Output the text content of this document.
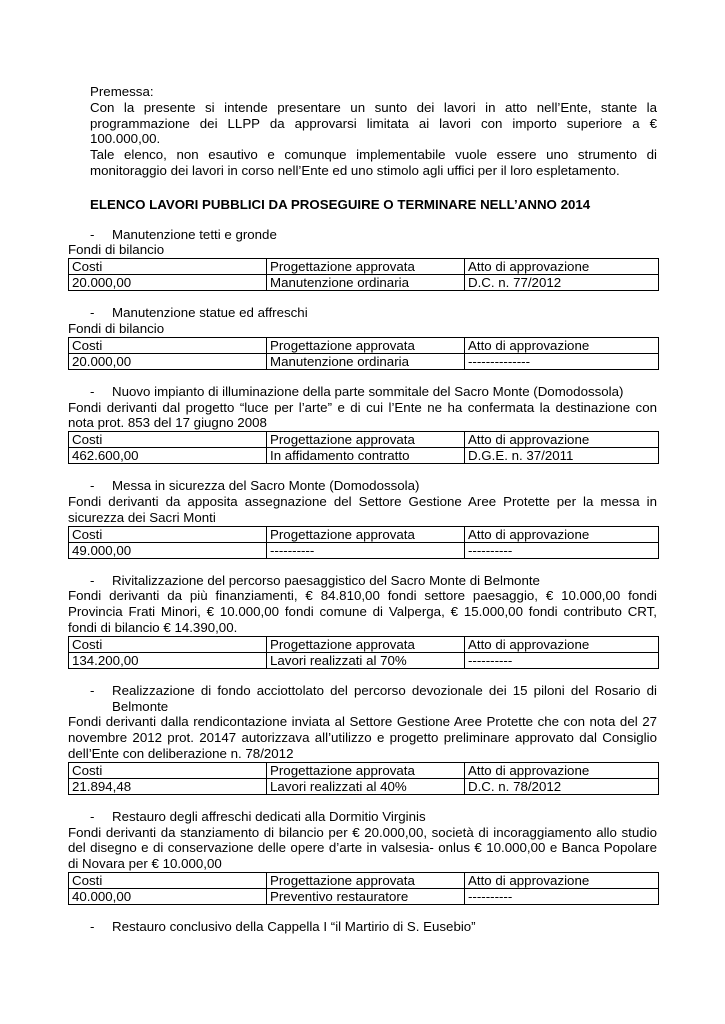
Premessa:
Con la presente si intende presentare un sunto dei lavori in atto nell’Ente, stante la
programmazione dei LLPP da approvarsi limitata ai lavori con importo superiore a €
100.000,00.
Tale elenco, non esautivo e comunque implementabile vuole essere uno strumento di
monitoraggio dei lavori in corso nell’Ente ed uno stimolo agli uffici per il loro espletamento.
ELENCO LAVORI PUBBLICI DA PROSEGUIRE O TERMINARE NELL’ANNO 2014
-	Manutenzione tetti e gronde
Fondi di bilancio
Costi	Progettazione approvata	Atto di approvazione
20.000,00	Manutenzione ordinaria	D.C. n. 77/2012
-	Manutenzione statue ed affreschi
Fondi di bilancio
Costi	Progettazione approvata	Atto di approvazione
20.000,00	Manutenzione ordinaria	--------------
-	Nuovo impianto di illuminazione della parte sommitale del Sacro Monte (Domodossola)
Fondi derivanti dal progetto “luce per l’arte” e di cui l’Ente ne ha confermata la destinazione con
nota prot. 853 del 17 giugno 2008
Costi	Progettazione approvata	Atto di approvazione
462.600,00	In affidamento contratto	D.G.E. n. 37/2011
-	Messa in sicurezza del Sacro Monte (Domodossola)
Fondi derivanti da apposita assegnazione del Settore Gestione Aree Protette per la messa in
sicurezza dei Sacri Monti
Costi	Progettazione approvata	Atto di approvazione
49.000,00	----------	----------
-	Rivitalizzazione del percorso paesaggistico del Sacro Monte di Belmonte
Fondi derivanti da più finanziamenti, € 84.810,00 fondi settore paesaggio, € 10.000,00 fondi
Provincia Frati Minori, € 10.000,00 fondi comune di Valperga, € 15.000,00 fondi contributo CRT,
fondi di bilancio € 14.390,00.
Costi	Progettazione approvata	Atto di approvazione
134.200,00	Lavori realizzati al 70%	----------
-	Realizzazione di fondo acciottolato del percorso devozionale dei 15 piloni del Rosario di
Belmonte
Fondi derivanti dalla rendicontazione inviata al Settore Gestione Aree Protette che con nota del 27
novembre 2012 prot. 20147 autorizzava all’utilizzo e progetto preliminare approvato dal Consiglio
dell’Ente con deliberazione n. 78/2012
Costi	Progettazione approvata	Atto di approvazione
21.894,48	Lavori realizzati al 40%	D.C. n. 78/2012
-	Restauro degli affreschi dedicati alla Dormitio Virginis
Fondi derivanti da stanziamento di bilancio per € 20.000,00, società di incoraggiamento allo studio
del disegno e di conservazione delle opere d’arte in valsesia- onlus € 10.000,00 e Banca Popolare
di Novara per € 10.000,00
Costi	Progettazione approvata	Atto di approvazione
40.000,00	Preventivo restauratore	----------
-	Restauro conclusivo della Cappella I “il Martirio di S. Eusebio”
